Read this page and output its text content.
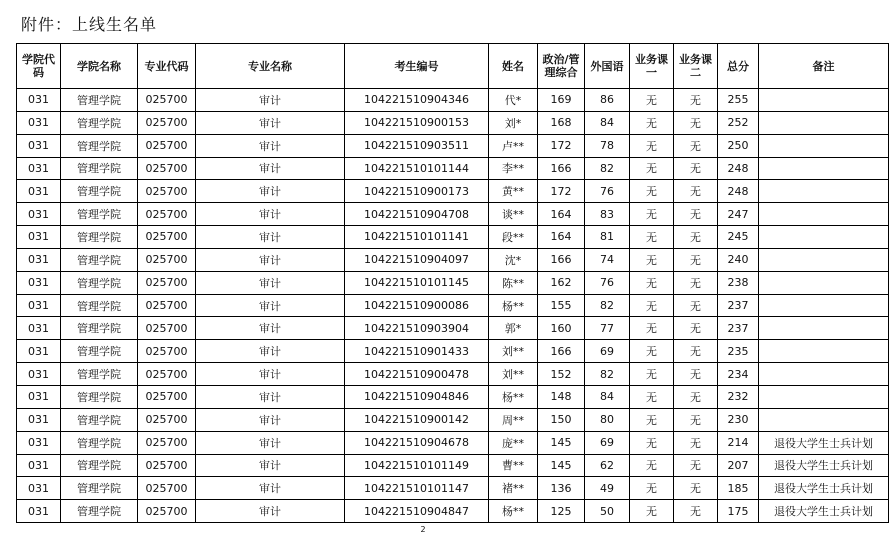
附件：上线生名单
学院代码	学院名称	专业代码	专业名称	考生编号	姓名	政治/管理综合	外国语	业务课一	业务课二	总分	备注
031	管理学院	025700	审计	104221510904346	代*	169	86	无	无	255	
031	管理学院	025700	审计	104221510900153	刘*	168	84	无	无	252	
031	管理学院	025700	审计	104221510903511	卢**	172	78	无	无	250	
031	管理学院	025700	审计	104221510101144	李**	166	82	无	无	248	
031	管理学院	025700	审计	104221510900173	黄**	172	76	无	无	248	
031	管理学院	025700	审计	104221510904708	谈**	164	83	无	无	247	
031	管理学院	025700	审计	104221510101141	段**	164	81	无	无	245	
031	管理学院	025700	审计	104221510904097	沈*	166	74	无	无	240	
031	管理学院	025700	审计	104221510101145	陈**	162	76	无	无	238	
031	管理学院	025700	审计	104221510900086	杨**	155	82	无	无	237	
031	管理学院	025700	审计	104221510903904	郭*	160	77	无	无	237	
031	管理学院	025700	审计	104221510901433	刘**	166	69	无	无	235	
031	管理学院	025700	审计	104221510900478	刘**	152	82	无	无	234	
031	管理学院	025700	审计	104221510904846	杨**	148	84	无	无	232	
031	管理学院	025700	审计	104221510900142	周**	150	80	无	无	230	
031	管理学院	025700	审计	104221510904678	庞**	145	69	无	无	214	退役大学生士兵计划
031	管理学院	025700	审计	104221510101149	曹**	145	62	无	无	207	退役大学生士兵计划
031	管理学院	025700	审计	104221510101147	褚**	136	49	无	无	185	退役大学生士兵计划
031	管理学院	025700	审计	104221510904847	杨**	125	50	无	无	175	退役大学生士兵计划
2
